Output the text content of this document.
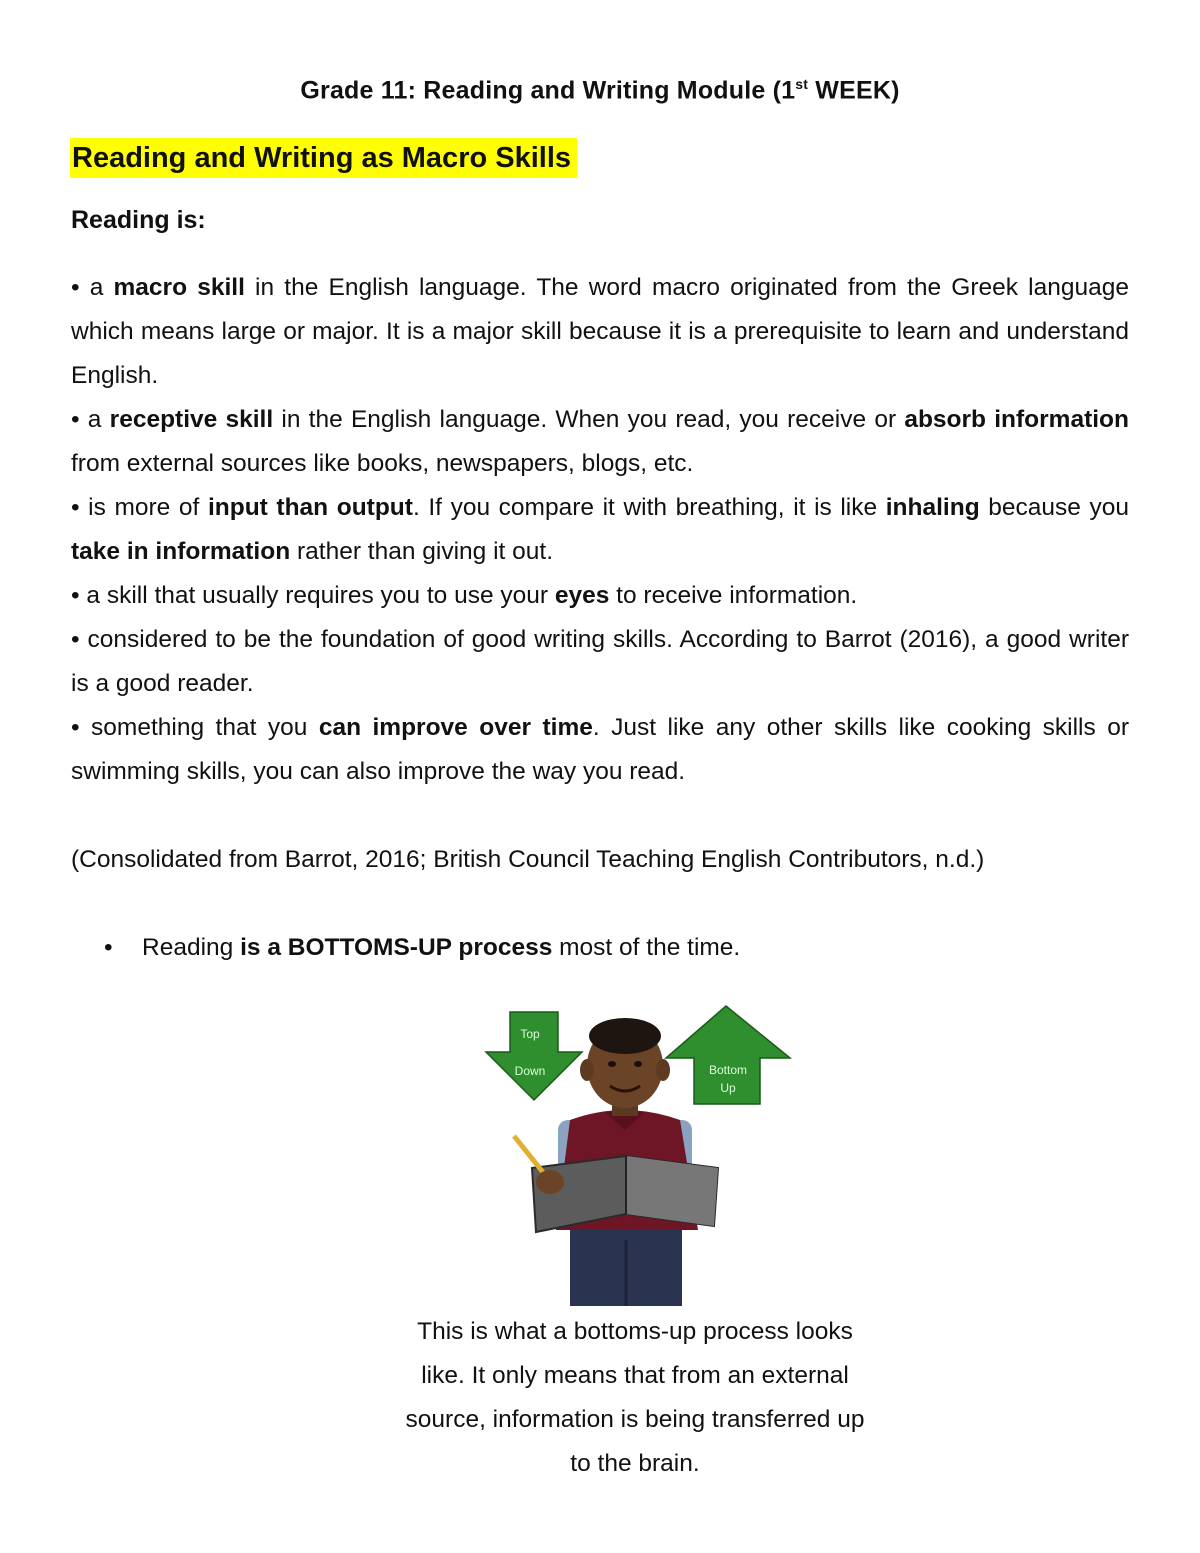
Grade 11: Reading and Writing Module (1st WEEK)
Reading and Writing as Macro Skills
Reading is:

• a macro skill in the English language. The word macro originated from the Greek language which means large or major. It is a major skill because it is a prerequisite to learn and understand English.

• a receptive skill in the English language. When you read, you receive or absorb information from external sources like books, newspapers, blogs, etc.

• is more of input than output. If you compare it with breathing, it is like inhaling because you take in information rather than giving it out.

• a skill that usually requires you to use your eyes to receive information.

• considered to be the foundation of good writing skills. According to Barrot (2016), a good writer is a good reader.

• something that you can improve over time. Just like any other skills like cooking skills or swimming skills, you can also improve the way you read.

(Consolidated from Barrot, 2016; British Council Teaching English Contributors, n.d.)
• Reading is a BOTTOMS-UP process most of the time.
Top
Down	Bottom
Up
This is what a bottoms-up process looks like. It only means that from an external source, information is being transferred up to the brain.
